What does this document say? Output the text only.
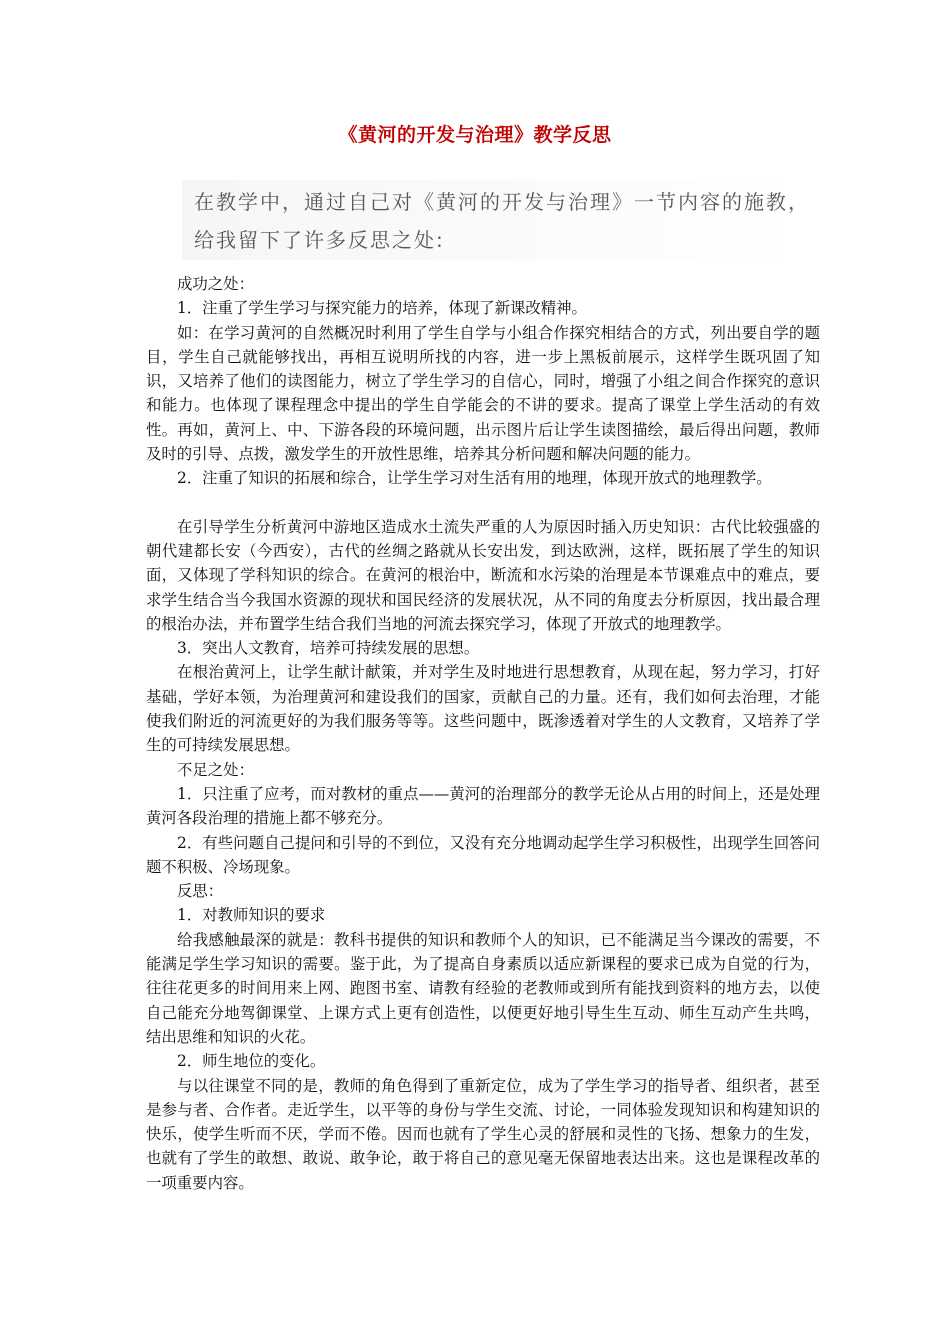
《黄河的开发与治理》教学反思
在教学中，通过自己对《黄河的开发与治理》一节内容的施教，
给我留下了许多反思之处:

成功之处：

1．注重了学生学习与探究能力的培养，体现了新课改精神。

如：在学习黄河的自然概况时利用了学生自学与小组合作探究相结合的方式，列出要自学的题目，学生自己就能够找出，再相互说明所找的内容，进一步上黑板前展示，这样学生既巩固了知识，又培养了他们的读图能力，树立了学生学习的自信心，同时，增强了小组之间合作探究的意识和能力。也体现了课程理念中提出的学生自学能会的不讲的要求。提高了课堂上学生活动的有效性。再如，黄河上、中、下游各段的环境问题，出示图片后让学生读图描绘，最后得出问题，教师及时的引导、点拨，激发学生的开放性思维，培养其分析问题和解决问题的能力。

2．注重了知识的拓展和综合，让学生学习对生活有用的地理，体现开放式的地理教学。

在引导学生分析黄河中游地区造成水土流失严重的人为原因时插入历史知识：古代比较强盛的朝代建都长安（今西安），古代的丝绸之路就从长安出发，到达欧洲，这样，既拓展了学生的知识面，又体现了学科知识的综合。在黄河的根治中，断流和水污染的治理是本节课难点中的难点，要求学生结合当今我国水资源的现状和国民经济的发展状况，从不同的角度去分析原因，找出最合理的根治办法，并布置学生结合我们当地的河流去探究学习，体现了开放式的地理教学。

3．突出人文教育，培养可持续发展的思想。

在根治黄河上，让学生献计献策，并对学生及时地进行思想教育，从现在起，努力学习，打好基础，学好本领，为治理黄河和建设我们的国家，贡献自己的力量。还有，我们如何去治理，才能使我们附近的河流更好的为我们服务等等。这些问题中，既渗透着对学生的人文教育，又培养了学生的可持续发展思想。

不足之处：

1．只注重了应考，而对教材的重点——黄河的治理部分的教学无论从占用的时间上，还是处理黄河各段治理的措施上都不够充分。

2．有些问题自己提问和引导的不到位，又没有充分地调动起学生学习积极性，出现学生回答问题不积极、冷场现象。

反思：

1．对教师知识的要求

给我感触最深的就是：教科书提供的知识和教师个人的知识，已不能满足当今课改的需要，不能满足学生学习知识的需要。鉴于此，为了提高自身素质以适应新课程的要求已成为自觉的行为，往往花更多的时间用来上网、跑图书室、请教有经验的老教师或到所有能找到资料的地方去，以使自己能充分地驾御课堂、上课方式上更有创造性，以便更好地引导生生互动、师生互动产生共鸣，结出思维和知识的火花。

2．师生地位的变化。

与以往课堂不同的是，教师的角色得到了重新定位，成为了学生学习的指导者、组织者，甚至是参与者、合作者。走近学生，以平等的身份与学生交流、讨论，一同体验发现知识和构建知识的快乐，使学生听而不厌，学而不倦。因而也就有了学生心灵的舒展和灵性的飞扬、想象力的生发，也就有了学生的敢想、敢说、敢争论，敢于将自己的意见毫无保留地表达出来。这也是课程改革的一项重要内容。
